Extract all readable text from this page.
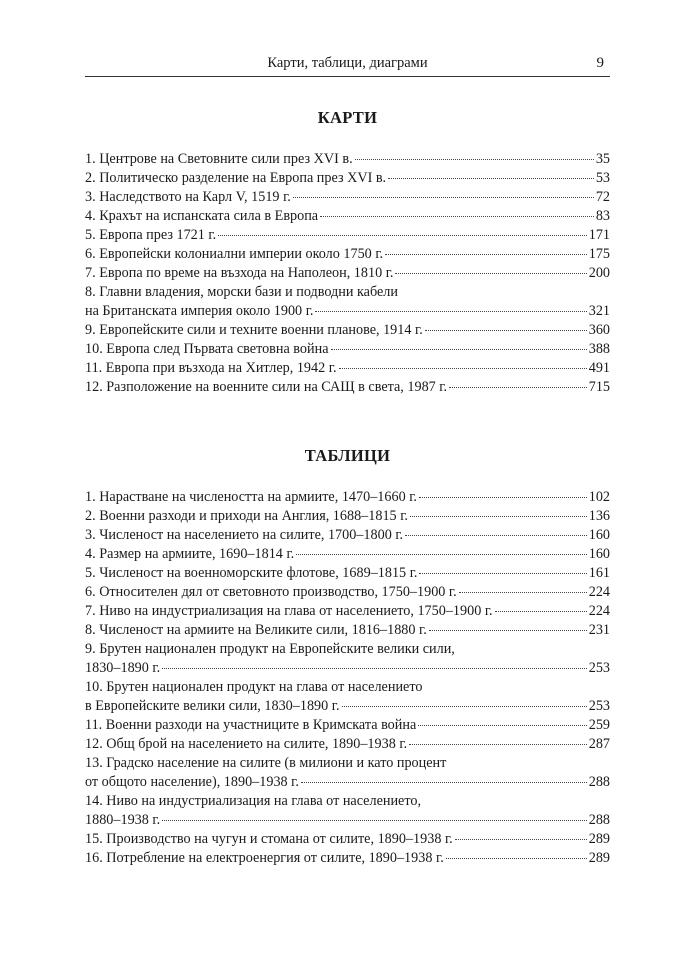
Карти, таблици, диаграми	9
КАРТИ
1. Центрове на Световните сили през XVI в.	35
2. Политическо разделение на Европа през XVI в.	53
3. Наследството на Карл V, 1519 г.	72
4. Крахът на испанската сила в Европа	83
5. Европа през 1721 г.	171
6. Европейски колониални империи около 1750 г.	175
7. Европа по време на възхода на Наполеон, 1810 г.	200
8. Главни владения, морски бази и подводни кабели
на Британската империя около 1900 г.	321
9. Европейските сили и техните военни планове, 1914 г.	360
10. Европа след Първата световна война	388
11. Европа при възхода на Хитлер, 1942 г.	491
12. Разположение на военните сили на САЩ в света, 1987 г.	715
ТАБЛИЦИ
1. Нарастване на числеността на армиите, 1470–1660 г.	102
2. Военни разходи и приходи на Англия, 1688–1815 г.	136
3. Численост на населението на силите, 1700–1800 г.	160
4. Размер на армиите, 1690–1814 г.	160
5. Численост на военноморските флотове, 1689–1815 г.	161
6. Относителен дял от световното производство, 1750–1900 г.	224
7. Ниво на индустриализация на глава от населението, 1750–1900 г.	224
8. Численост на армиите на Великите сили, 1816–1880 г.	231
9. Брутен национален продукт на Европейските велики сили,
1830–1890 г.	253
10. Брутен национален продукт на глава от населението
в Европейските велики сили, 1830–1890 г.	253
11. Военни разходи на участниците в Кримската война	259
12. Общ брой на населението на силите, 1890–1938 г.	287
13. Градско население на силите (в милиони и като процент
от общото население), 1890–1938 г.	288
14. Ниво на индустриализация на глава от населението,
1880–1938 г.	288
15. Производство на чугун и стомана от силите, 1890–1938 г.	289
16. Потребление на електроенергия от силите, 1890–1938 г.	289
